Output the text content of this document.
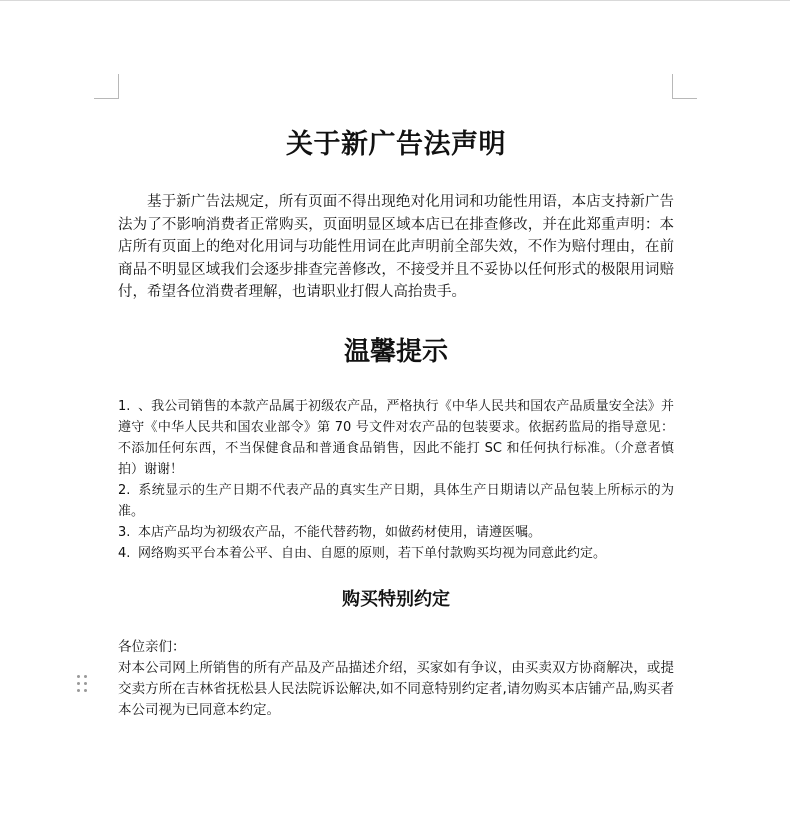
关于新广告法声明

基于新广告法规定，所有页面不得出现绝对化用词和功能性用语，本店支持新广告法为了不影响消费者正常购买，页面明显区域本店已在排查修改，并在此郑重声明：本店所有页面上的绝对化用词与功能性用词在此声明前全部失效，不作为赔付理由，在前商品不明显区域我们会逐步排查完善修改，不接受并且不妥协以任何形式的极限用词赔付，希望各位消费者理解，也请职业打假人高抬贵手。

温馨提示
1. 、我公司销售的本款产品属于初级农产品，严格执行《中华人民共和国农产品质量安全法》并遵守《中华人民共和国农业部令》第 70 号文件对农产品的包装要求。依据药监局的指导意见：不添加任何东西，不当保健食品和普通食品销售，因此不能打 SC 和任何执行标准。（介意者慎拍）谢谢！
2. 系统显示的生产日期不代表产品的真实生产日期，具体生产日期请以产品包装上所标示的为准。
3. 本店产品均为初级农产品，不能代替药物，如做药材使用，请遵医嘱。
4. 网络购买平台本着公平、自由、自愿的原则，若下单付款购买均视为同意此约定。
购买特别约定

各位亲们：

对本公司网上所销售的所有产品及产品描述介绍，买家如有争议，由买卖双方协商解决，或提交卖方所在吉林省抚松县人民法院诉讼解决,如不同意特别约定者,请勿购买本店铺产品,购买者本公司视为已同意本约定。
